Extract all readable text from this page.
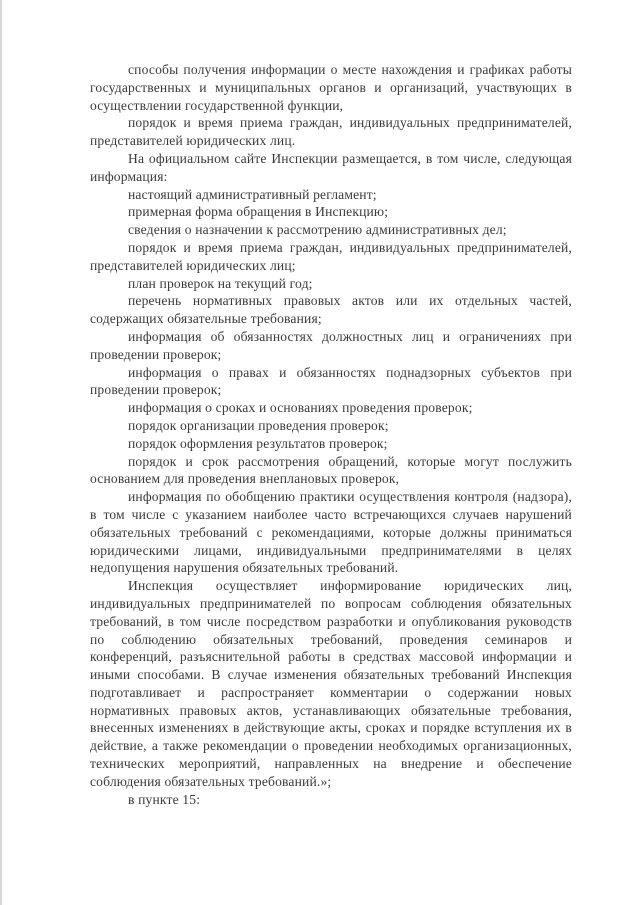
способы получения информации о месте нахождения и графиках работы государственных и муниципальных органов и организаций, участвующих в осуществлении государственной функции,

порядок и время приема граждан, индивидуальных предпринимателей, представителей юридических лиц.

На официальном сайте Инспекции размещается, в том числе, следующая информация:

настоящий административный регламент;

примерная форма обращения в Инспекцию;

сведения о назначении к рассмотрению административных дел;

порядок и время приема граждан, индивидуальных предпринимателей, представителей юридических лиц;

план проверок на текущий год;

перечень нормативных правовых актов или их отдельных частей, содержащих обязательные требования;

информация об обязанностях должностных лиц и ограничениях при проведении проверок;

информация о правах и обязанностях поднадзорных субъектов при проведении проверок;

информация о сроках и основаниях проведения проверок;

порядок организации проведения проверок;

порядок оформления результатов проверок;

порядок и срок рассмотрения обращений, которые могут послужить основанием для проведения внеплановых проверок,

информация по обобщению практики осуществления контроля (надзора), в том числе с указанием наиболее часто встречающихся случаев нарушений обязательных требований с рекомендациями, которые должны приниматься юридическими лицами, индивидуальными предпринимателями в целях недопущения нарушения обязательных требований.

Инспекция осуществляет информирование юридических лиц, индивидуальных предпринимателей по вопросам соблюдения обязательных требований, в том числе посредством разработки и опубликования руководств по соблюдению обязательных требований, проведения семинаров и конференций, разъяснительной работы в средствах массовой информации и иными способами. В случае изменения обязательных требований Инспекция подготавливает и распространяет комментарии о содержании новых нормативных правовых актов, устанавливающих обязательные требования, внесенных изменениях в действующие акты, сроках и порядке вступления их в действие, а также рекомендации о проведении необходимых организационных, технических мероприятий, направленных на внедрение и обеспечение соблюдения обязательных требований.»;

в пункте 15:
